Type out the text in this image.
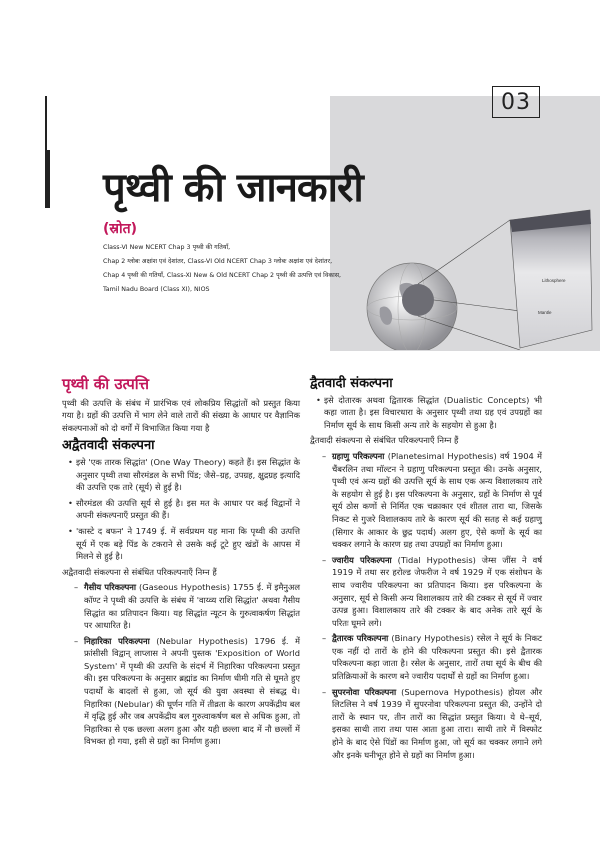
03
पृथ्वी की जानकारी
(स्रोत)
Class-VI New NCERT Chap 3 पृथ्वी की गतियाँ,
Chap 2 ग्लोबः अक्षांश एवं देशांतर, Class-VI Old NCERT Chap 3 ग्लोबः अक्षांश एवं देशांतर,
Chap 4 पृथ्वी की गतियाँ, Class-XI New & Old NCERT Chap 2 पृथ्वी की उत्पत्ति एवं विकास,
Tamil Nadu Board (Class XI), NIOS
Lithosphere
Mantle
पृथ्वी की उत्पत्ति

पृथ्वी की उत्पत्ति के संबंध में प्रारंभिक एवं लोकप्रिय सिद्धांतों को प्रस्तुत किया गया है। ग्रहों की उत्पत्ति में भाग लेने वाले तारों की संख्या के आधार पर वैज्ञानिक संकल्पनाओं को दो वर्गों में विभाजित किया गया है

अद्वैतवादी संकल्पना
• इसे 'एक तारक सिद्धांत' (One Way Theory) कहते हैं। इस सिद्धांत के अनुसार पृथ्वी तथा सौरमंडल के सभी पिंड; जैसे–ग्रह, उपग्रह, क्षुद्रग्रह इत्यादि की उत्पत्ति एक तारे (सूर्य) से हुई है।
• सौरमंडल की उत्पत्ति सूर्य से हुई है। इस मत के आधार पर कई विद्वानों ने अपनी संकल्पनाएँ प्रस्तुत की हैं।
• 'कास्टे द बफन' ने 1749 ई. में सर्वप्रथम यह माना कि पृथ्वी की उत्पत्ति सूर्य में एक बड़े पिंड के टकराने से उसके कई टूटे हुए खंडों के आपस में मिलने से हुई है।

अद्वैतवादी संकल्पना से संबंधित परिकल्पनाएँ निम्न हैं

– गैसीय परिकल्पना (Gaseous Hypothesis) 1755 ई. में इमैनुअल कॉण्ट ने पृथ्वी की उत्पत्ति के संबंध में 'वाय्व्य राशि सिद्धांत' अथवा गैसीय सिद्धांत का प्रतिपादन किया। यह सिद्धांत न्यूटन के गुरुत्वाकर्षण सिद्धांत पर आधारित है।
– निहारिका परिकल्पना (Nebular Hypothesis) 1796 ई. में फ्रांसीसी विद्वान् लाप्लास ने अपनी पुस्तक 'Exposition of World System' में पृथ्वी की उत्पत्ति के संदर्भ में निहारिका परिकल्पना प्रस्तुत की। इस परिकल्पना के अनुसार ब्रह्मांड का निर्माण धीमी गति से घूमते हुए पदार्थों के बादलों से हुआ, जो सूर्य की युवा अवस्था से संबद्ध थे। निहारिका (Nebular) की घूर्णन गति में तीव्रता के कारण अपकेंद्रीय बल में वृद्धि हुई और जब अपकेंद्रीय बल गुरुत्वाकर्षण बल से अधिक हुआ, तो निहारिका से एक छल्ला अलग हुआ और यही छल्ला बाद में नौ छल्लों में विभक्त हो गया, इसी से ग्रहों का निर्माण हुआ।
द्वैतवादी संकल्पना
• इसे दोतारक अथवा द्वितारक सिद्धांत (Dualistic Concepts) भी कहा जाता है। इस विचारधारा के अनुसार पृथ्वी तथा ग्रह एवं उपग्रहों का निर्माण सूर्य के साथ किसी अन्य तारे के सहयोग से हुआ है।

द्वैतवादी संकल्पना से संबंधित परिकल्पनाएँ निम्न हैं

– ग्रहाणु परिकल्पना (Planetesimal Hypothesis) वर्ष 1904 में चैंबरलिन तथा मॉल्टन ने ग्रहाणु परिकल्पना प्रस्तुत की। उनके अनुसार, पृथ्वी एवं अन्य ग्रहों की उत्पत्ति सूर्य के साथ एक अन्य विशालकाय तारे के सहयोग से हुई है। इस परिकल्पना के अनुसार, ग्रहों के निर्माण से पूर्व सूर्य ठोस कणों से निर्मित एक चक्राकार एवं शीतल तारा था, जिसके निकट से गुजरे विशालकाय तारे के कारण सूर्य की सतह से कई ग्रहाणु (सिगार के आकार के छुद्र पदार्थ) अलग हुए, ऐसे कणों के सूर्य का चक्कर लगाने के कारण ग्रह तथा उपग्रहों का निर्माण हुआ।
– ज्वारीय परिकल्पना (Tidal Hypothesis) जेम्स जींस ने वर्ष 1919 में तथा सर हरोल्ड जेफरीज ने वर्ष 1929 में एक संशोधन के साथ ज्वारीय परिकल्पना का प्रतिपादन किया। इस परिकल्पना के अनुसार, सूर्य से किसी अन्य विशालकाय तारे की टक्कर से सूर्य में ज्वार उत्पन्न हुआ। विशालकाय तारे की टक्कर के बाद अनेक तारे सूर्य के परितः घूमने लगे।
– द्वैतारक परिकल्पना (Binary Hypothesis) रसेल ने सूर्य के निकट एक नहीं दो तारों के होने की परिकल्पना प्रस्तुत की। इसे द्वैतारक परिकल्पना कहा जाता है। रसेल के अनुसार, तारों तथा सूर्य के बीच की प्रतिक्रियाओं के कारण बने ज्वारीय पदार्थों से ग्रहों का निर्माण हुआ।
– सुपरनोवा परिकल्पना (Supernova Hypothesis) होयल और लिटलिस ने वर्ष 1939 में सुपरनोवा परिकल्पना प्रस्तुत की, उन्होंने दो तारों के स्थान पर, तीन तारों का सिद्धांत प्रस्तुत किया। ये थे–सूर्य, इसका साथी तारा तथा पास आता हुआ तारा। साथी तारे में विस्फोट होने के बाद ऐसे पिंडों का निर्माण हुआ, जो सूर्य का चक्कर लगाने लगे और इनके घनीभूत होने से ग्रहों का निर्माण हुआ।
